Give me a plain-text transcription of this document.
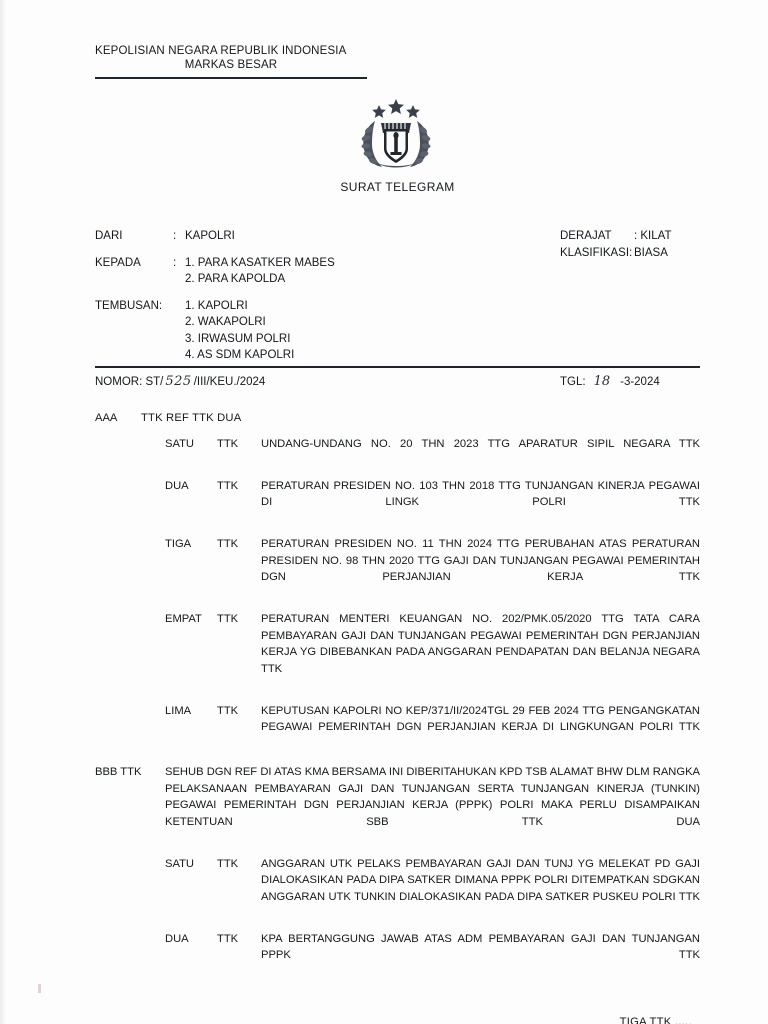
KEPOLISIAN NEGARA REPUBLIK INDONESIA
MARKAS BESAR
SURAT TELEGRAM
DARI	: KAPOLRI
KEPADA	: 1. PARA KASATKER MABES
2. PARA KAPOLDA
TEMBUSAN:	1. KAPOLRI
2. WAKAPOLRI
3. IRWASUM POLRI
4. AS SDM KAPOLRI
DERAJAT	: KILAT
KLASIFIKASI: BIASA
NOMOR: ST/ 525 /III/KEU./2024	TGL: 18 -3-2024
AAA	TTK REF TTK DUA
SATU	TTK	UNDANG-UNDANG NO. 20 THN 2023 TTG APARATUR SIPIL NEGARA TTK
DUA	TTK	PERATURAN PRESIDEN NO. 103 THN 2018 TTG TUNJANGAN KINERJA PEGAWAI DI LINGK POLRI TTK
TIGA	TTK	PERATURAN PRESIDEN NO. 11 THN 2024 TTG PERUBAHAN ATAS PERATURAN PRESIDEN NO. 98 THN 2020 TTG GAJI DAN TUNJANGAN PEGAWAI PEMERINTAH DGN PERJANJIAN KERJA TTK
EMPAT	TTK	PERATURAN MENTERI KEUANGAN NO. 202/PMK.05/2020 TTG TATA CARA PEMBAYARAN GAJI DAN TUNJANGAN PEGAWAI PEMERINTAH DGN PERJANJIAN KERJA YG DIBEBANKAN PADA ANGGARAN PENDAPATAN DAN BELANJA NEGARA TTK
LIMA	TTK	KEPUTUSAN KAPOLRI NO KEP/371/II/2024TGL 29 FEB 2024 TTG PENGANGKATAN PEGAWAI PEMERINTAH DGN PERJANJIAN KERJA DI LINGKUNGAN POLRI TTK
BBB TTK	SEHUB DGN REF DI ATAS KMA BERSAMA INI DIBERITAHUKAN KPD TSB ALAMAT BHW DLM RANGKA PELAKSANAAN PEMBAYARAN GAJI DAN TUNJANGAN SERTA TUNJANGAN KINERJA (TUNKIN) PEGAWAI PEMERINTAH DGN PERJANJIAN KERJA (PPPK) POLRI MAKA PERLU DISAMPAIKAN KETENTUAN SBB TTK DUA
SATU	TTK	ANGGARAN UTK PELAKS PEMBAYARAN GAJI DAN TUNJ YG MELEKAT PD GAJI DIALOKASIKAN PADA DIPA SATKER DIMANA PPPK POLRI DITEMPATKAN SDGKAN ANGGARAN UTK TUNKIN DIALOKASIKAN PADA DIPA SATKER PUSKEU POLRI TTK
DUA	TTK	KPA BERTANGGUNG JAWAB ATAS ADM PEMBAYARAN GAJI DAN TUNJANGAN PPPK TTK
TIGA TTK .....
